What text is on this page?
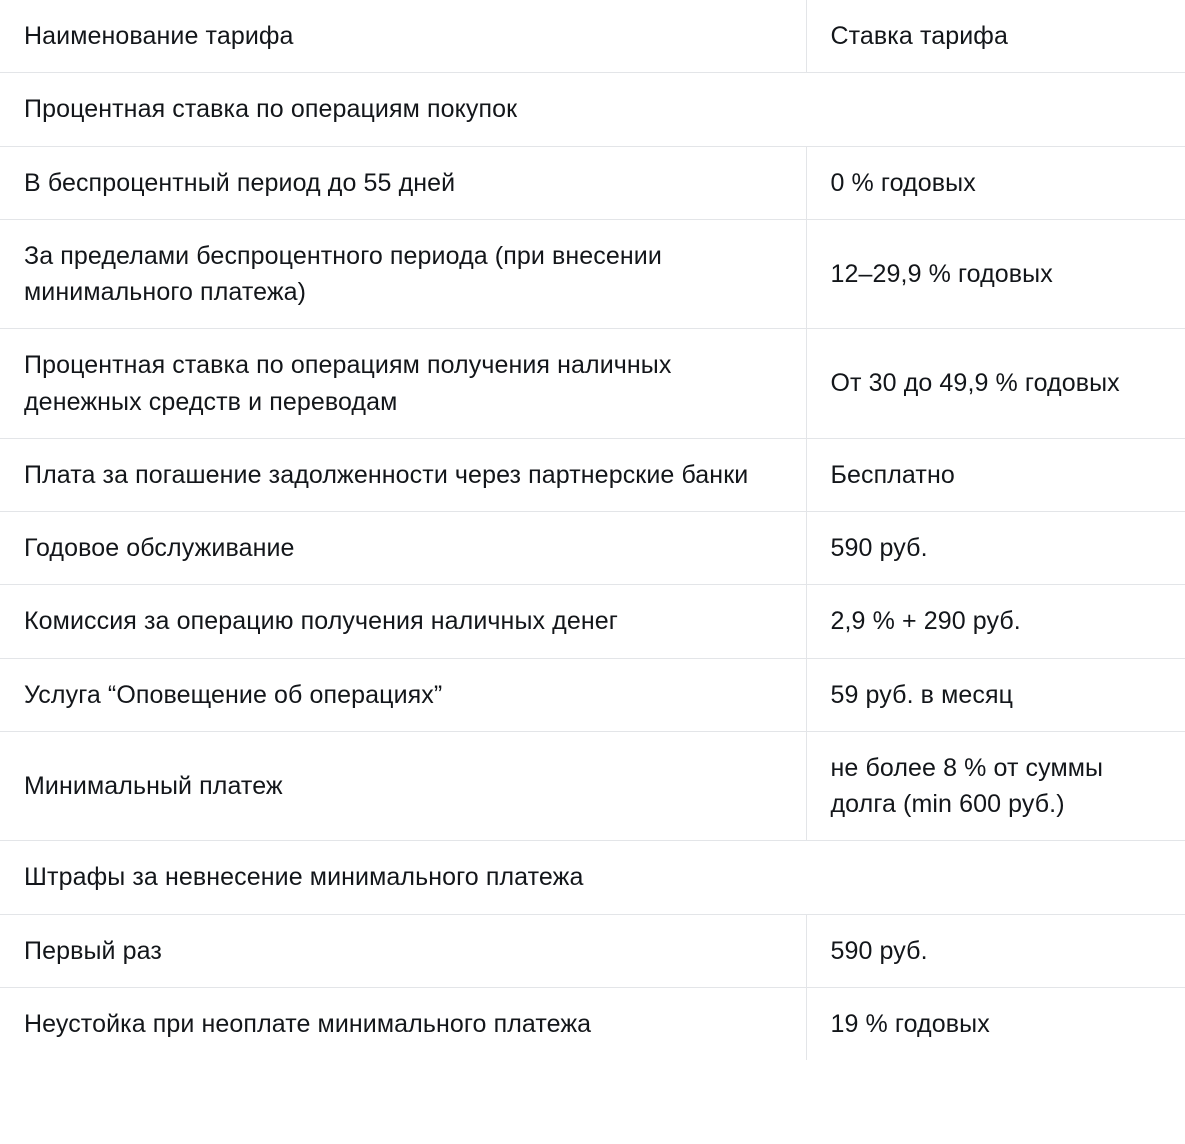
Наименование тарифа	Ставка тарифа
Процентная ставка по операциям покупок	
В беспроцентный период до 55 дней	0 % годовых
За пределами беспроцентного периода (при внесении минимального платежа)	12–29,9 % годовых
Процентная ставка по операциям получения наличных денежных средств и переводам	От 30 до 49,9 % годовых
Плата за погашение задолженности через партнерские банки	Бесплатно
Годовое обслуживание	590 руб.
Комиссия за операцию получения наличных денег	2,9 % + 290 руб.
Услуга “Оповещение об операциях”	59 руб. в месяц
Минимальный платеж	не более 8 % от суммы долга (min 600 руб.)
Штрафы за невнесение минимального платежа	
Первый раз	590 руб.
Неустойка при неоплате минимального платежа	19 % годовых
